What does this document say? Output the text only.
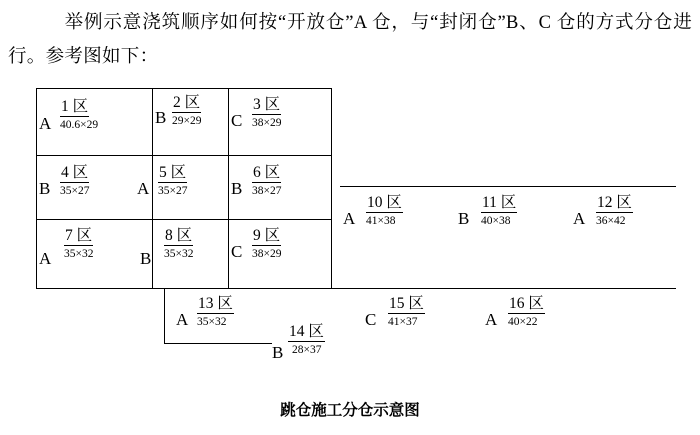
举例示意浇筑顺序如何按“开放仓”A 仓，与“封闭仓”B、C 仓的方式分仓进行。参考图如下：
A
1 区
40.6×29	B
2 区
29×29 C
3 区
38×29
B
4 区
35×27	A
5 区
35×27	B
6 区
38×27
A
7 区
35×32	B
8 区
35×32 C
9 区
38×29
A
10 区
41×38	B
11 区
40×38	A
12 区
36×42
A
13 区
35×32
B
14 区
28×37
C
15 区
41×37	A
16 区
40×22
跳仓施工分仓示意图
